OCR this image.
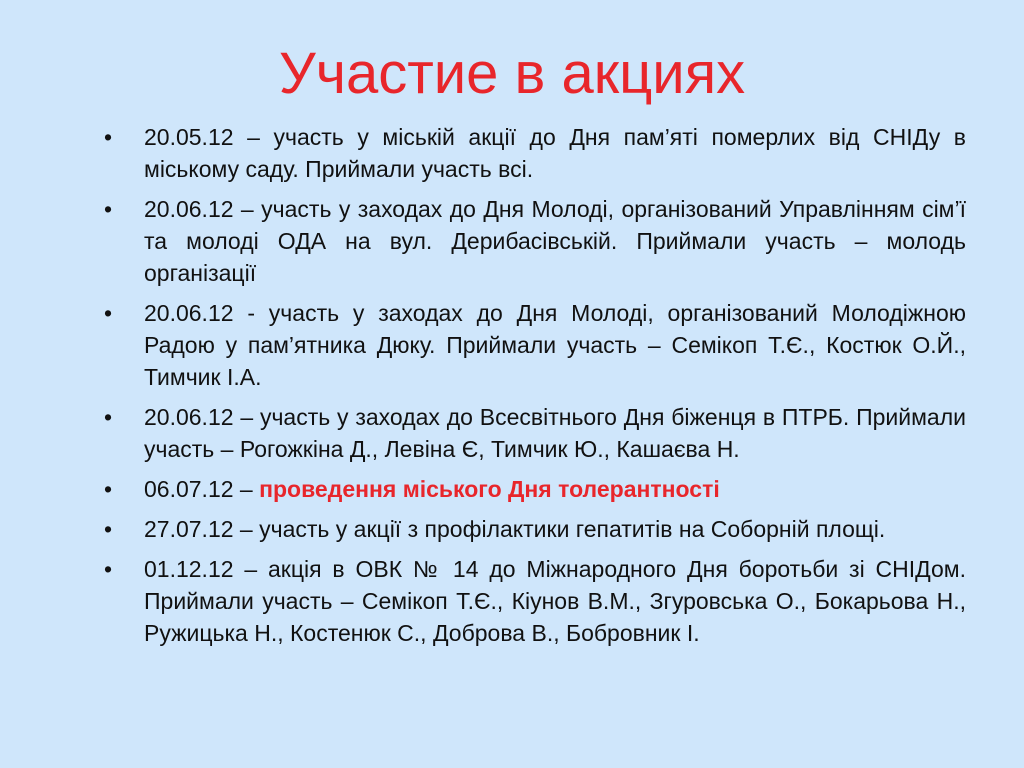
Участие в акциях
• 20.05.12 – участь у міській акції до Дня пам’яті померлих від СНІДу в міському саду. Приймали участь всі.
• 20.06.12 – участь у заходах до Дня Молоді, організований Управлінням сім’ї та молоді ОДА на вул. Дерибасівській. Приймали участь – молодь організації
• 20.06.12 - участь у заходах до Дня Молоді, організований Молодіжною Радою у пам’ятника Дюку. Приймали участь – Семікоп Т.Є., Костюк О.Й., Тимчик І.А.
• 20.06.12 – участь у заходах до Всесвітнього Дня біженця в ПТРБ. Приймали участь – Рогожкіна Д., Левіна Є, Тимчик Ю., Кашаєва Н.
• 06.07.12 – проведення міського Дня толерантності
• 27.07.12 – участь у акції з профілактики гепатитів на Соборній площі.
• 01.12.12 – акція в ОВК № 14 до Міжнародного Дня боротьби зі СНІДом. Приймали участь – Семікоп Т.Є., Кіунов В.М., Згуровська О., Бокарьова Н., Ружицька Н., Костенюк С., Доброва В., Бобровник І.
